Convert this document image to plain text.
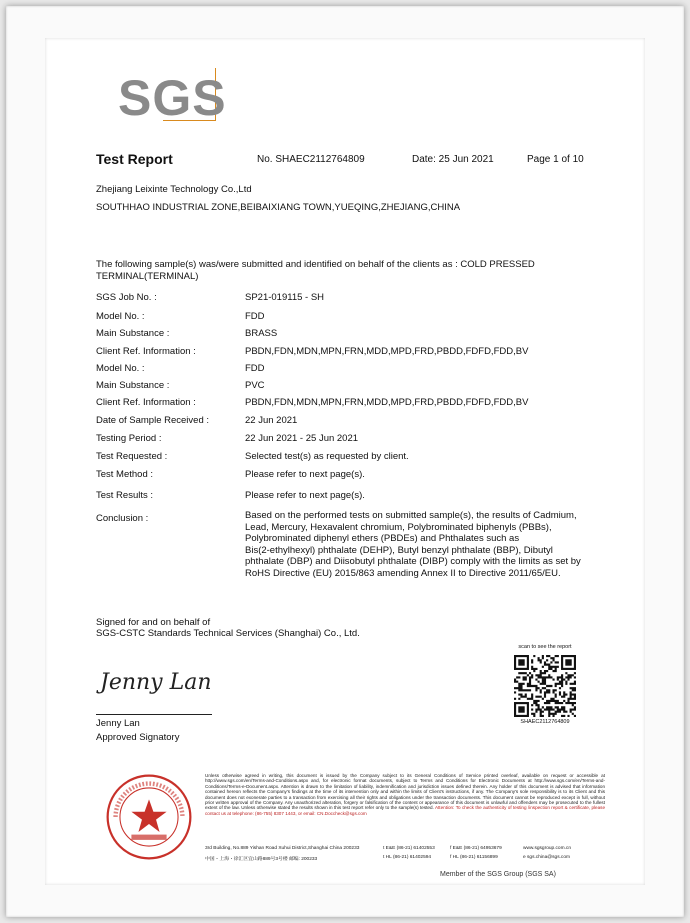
SGS
Test Report	No. SHAEC2112764809	Date: 25 Jun 2021	Page 1 of 10
Zhejiang Leixinte Technology Co.,Ltd
SOUTHHAO INDUSTRIAL ZONE,BEIBAIXIANG TOWN,YUEQING,ZHEJIANG,CHINA
The following sample(s) was/were submitted and identified on behalf of the clients as : COLD PRESSED
TERMINAL(TERMINAL)
SGS Job No. :	SP21-019115 - SH
Model No. :	FDD
Main Substance :	BRASS
Client Ref. Information :	PBDN,FDN,MDN,MPN,FRN,MDD,MPD,FRD,PBDD,FDFD,FDD,BV
Model No. :	FDD
Main Substance :	PVC
Client Ref. Information :	PBDN,FDN,MDN,MPN,FRN,MDD,MPD,FRD,PBDD,FDFD,FDD,BV
Date of Sample Received :	22 Jun 2021
Testing Period :	22 Jun 2021 - 25 Jun 2021
Test Requested :	Selected test(s) as requested by client.
Test Method :	Please refer to next page(s).
Test Results :	Please refer to next page(s).
Conclusion :	Based on the performed tests on submitted sample(s), the results of Cadmium,
Lead, Mercury, Hexavalent chromium, Polybrominated biphenyls (PBBs),
Polybrominated diphenyl ethers (PBDEs) and Phthalates such as
Bis(2-ethylhexyl) phthalate (DEHP), Butyl benzyl phthalate (BBP), Dibutyl
phthalate (DBP) and Diisobutyl phthalate (DIBP) comply with the limits as set by
RoHS Directive (EU) 2015/863 amending Annex II to Directive 2011/65/EU.
Signed for and on behalf of
SGS-CSTC Standards Technical Services (Shanghai) Co., Ltd.
Jenny Lan
Jenny Lan
Approved Signatory
scan to see the report
SHAEC2112764809
Unless otherwise agreed in writing, this document is issued by the Company subject to its General Conditions of Service printed overleaf, available on request or accessible at http://www.sgs.com/en/Terms-and-Conditions.aspx and, for electronic format documents, subject to Terms and Conditions for Electronic Documents at http://www.sgs.com/en/Terms-and-Conditions/Terms-e-Document.aspx. Attention is drawn to the limitation of liability, indemnification and jurisdiction issues defined therein. Any holder of this document is advised that information contained hereon reflects the Company's findings at the time of its intervention only and within the limits of Client's instructions, if any. The Company's sole responsibility is to its Client and this document does not exonerate parties to a transaction from exercising all their rights and obligations under the transaction documents. This document cannot be reproduced except in full, without prior written approval of the Company. Any unauthorized alteration, forgery or falsification of the content or appearance of this document is unlawful and offenders may be prosecuted to the fullest extent of the law. Unless otherwise stated the results shown in this test report refer only to the sample(s) tested. Attention: To check the authenticity of testing /inspection report & certificate, please contact us at telephone: (86-755) 8307 1443, or email: CN.Doccheck@sgs.com
3rd Building, No.889 Yishan Road Xuhui District,Shanghai China 200233	t E&E (86-21) 61402553	f E&E (86-21) 64953679	www.sgsgroup.com.cn
中国・上海・徐汇区宜山路889号3号楼 邮编: 200233	t HL (86-21) 61402594	f HL (86-21) 61156899	e sgs.china@sgs.com
Member of the SGS Group (SGS SA)
